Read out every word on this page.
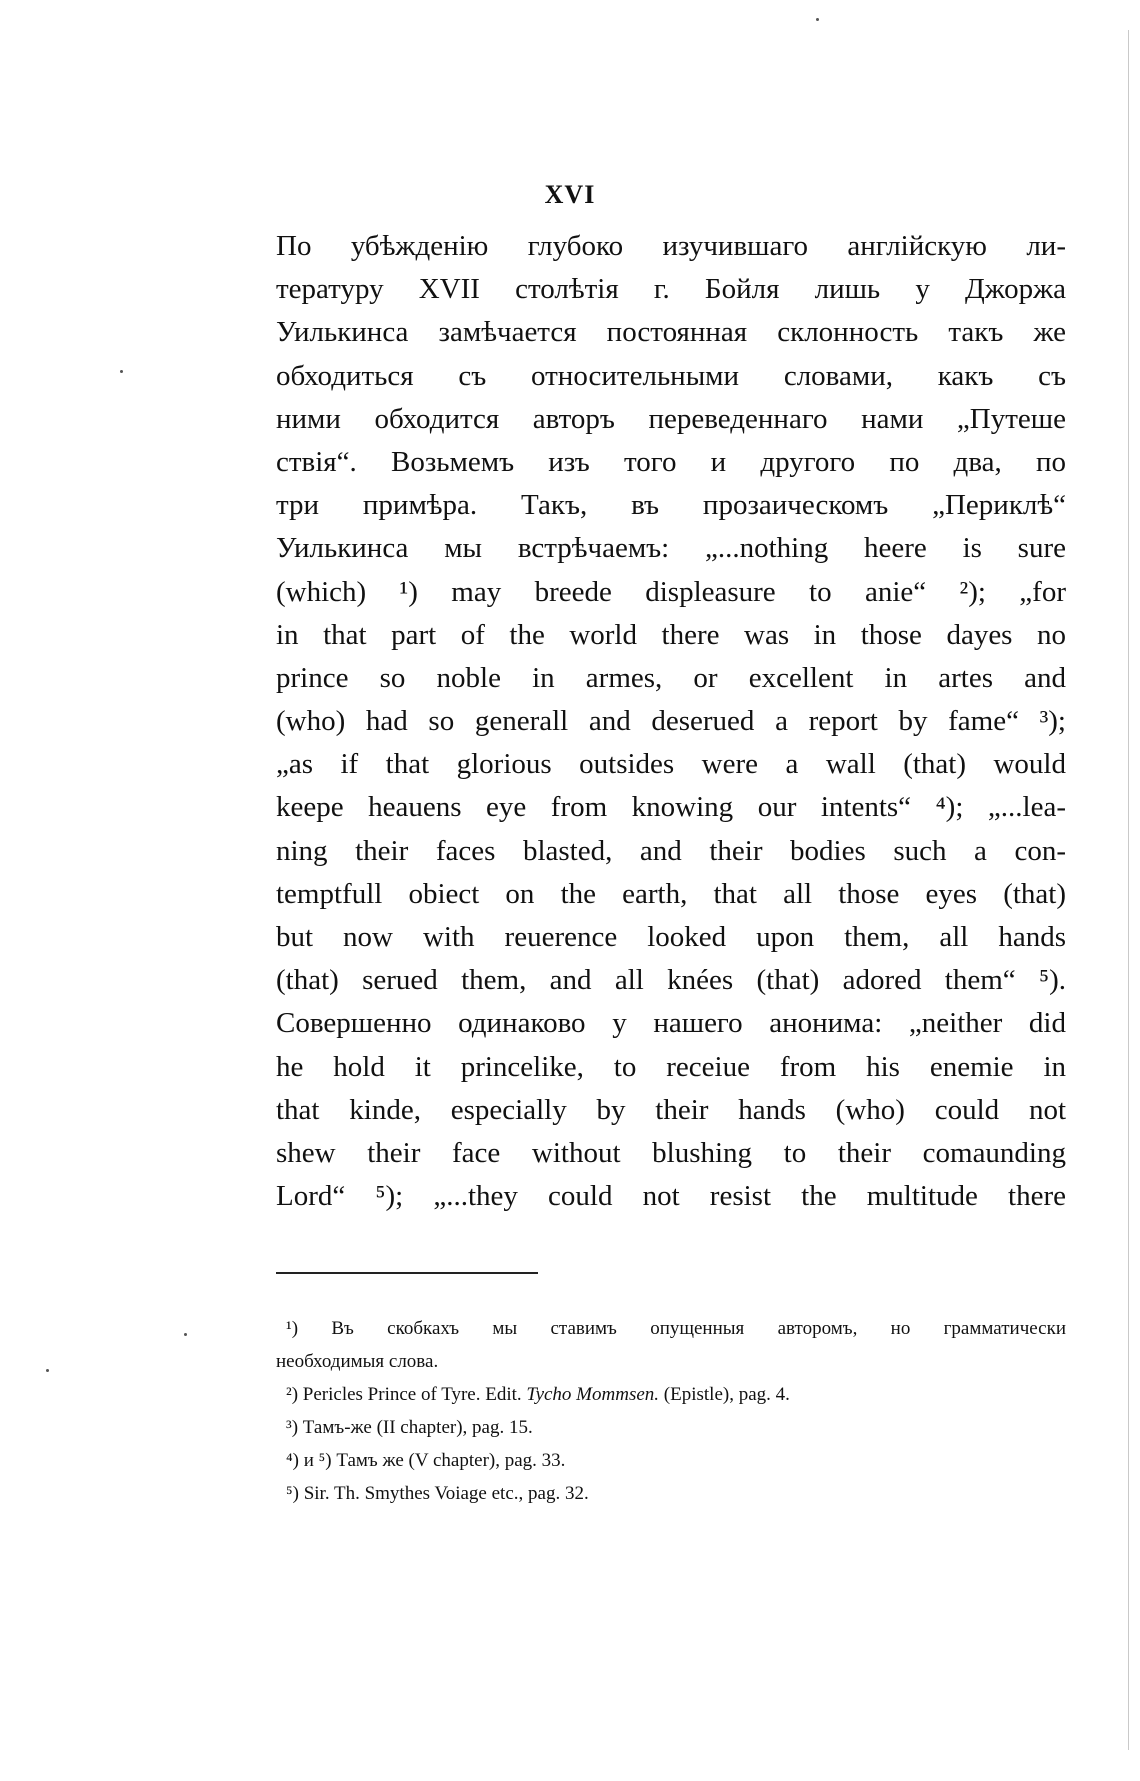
XVI
По убѣжденію глубоко изучившаго англійскую ли-
тературу XVII столѣтія г. Бойля лишь у Джоржа
Уилькинса замѣчается постоянная склонность такъ же
обходиться съ относительными словами, какъ съ
ними обходится авторъ переведеннаго нами „Путеше
ствія“. Возьмемъ изъ того и другого по два, по
три примѣра. Такъ, въ прозаическомъ „Периклѣ“
Уилькинса мы встрѣчаемъ: „...nothing heere is sure
(which) ¹) may breede displeasure to anie“ ²); „for
in that part of the world there was in those dayes no
prince so noble in armes, or excellent in artes and
(who) had so generall and deserued a report by fame“ ³);
„as if that glorious outsides were a wall (that) would
keepe heauens eye from knowing our intents“ ⁴); „...lea-
ning their faces blasted, and their bodies such a con-
temptfull obiect on the earth, that all those eyes (that)
but now with reuerence looked upon them, all hands
(that) serued them, and all knées (that) adored them“ ⁵).
Совершенно одинаково у нашего анонима: „neither did
he hold it princelike, to receiue from his enemie in
that kinde, especially by their hands (who) could not
shew their face without blushing to their comaunding
Lord“ ⁵); „...they could not resist the multitude there
¹) Въ скобкахъ мы ставимъ опущенныя авторомъ, но грамматически
необходимыя слова.
²) Pericles Prince of Tyre. Edit. Tycho Mommsen. (Epistle), pag. 4.
³) Тамъ-же (II chapter), pag. 15.
⁴) и ⁵) Тамъ же (V chapter), pag. 33.
⁵) Sir. Th. Smythes Voiage etc., pag. 32.
